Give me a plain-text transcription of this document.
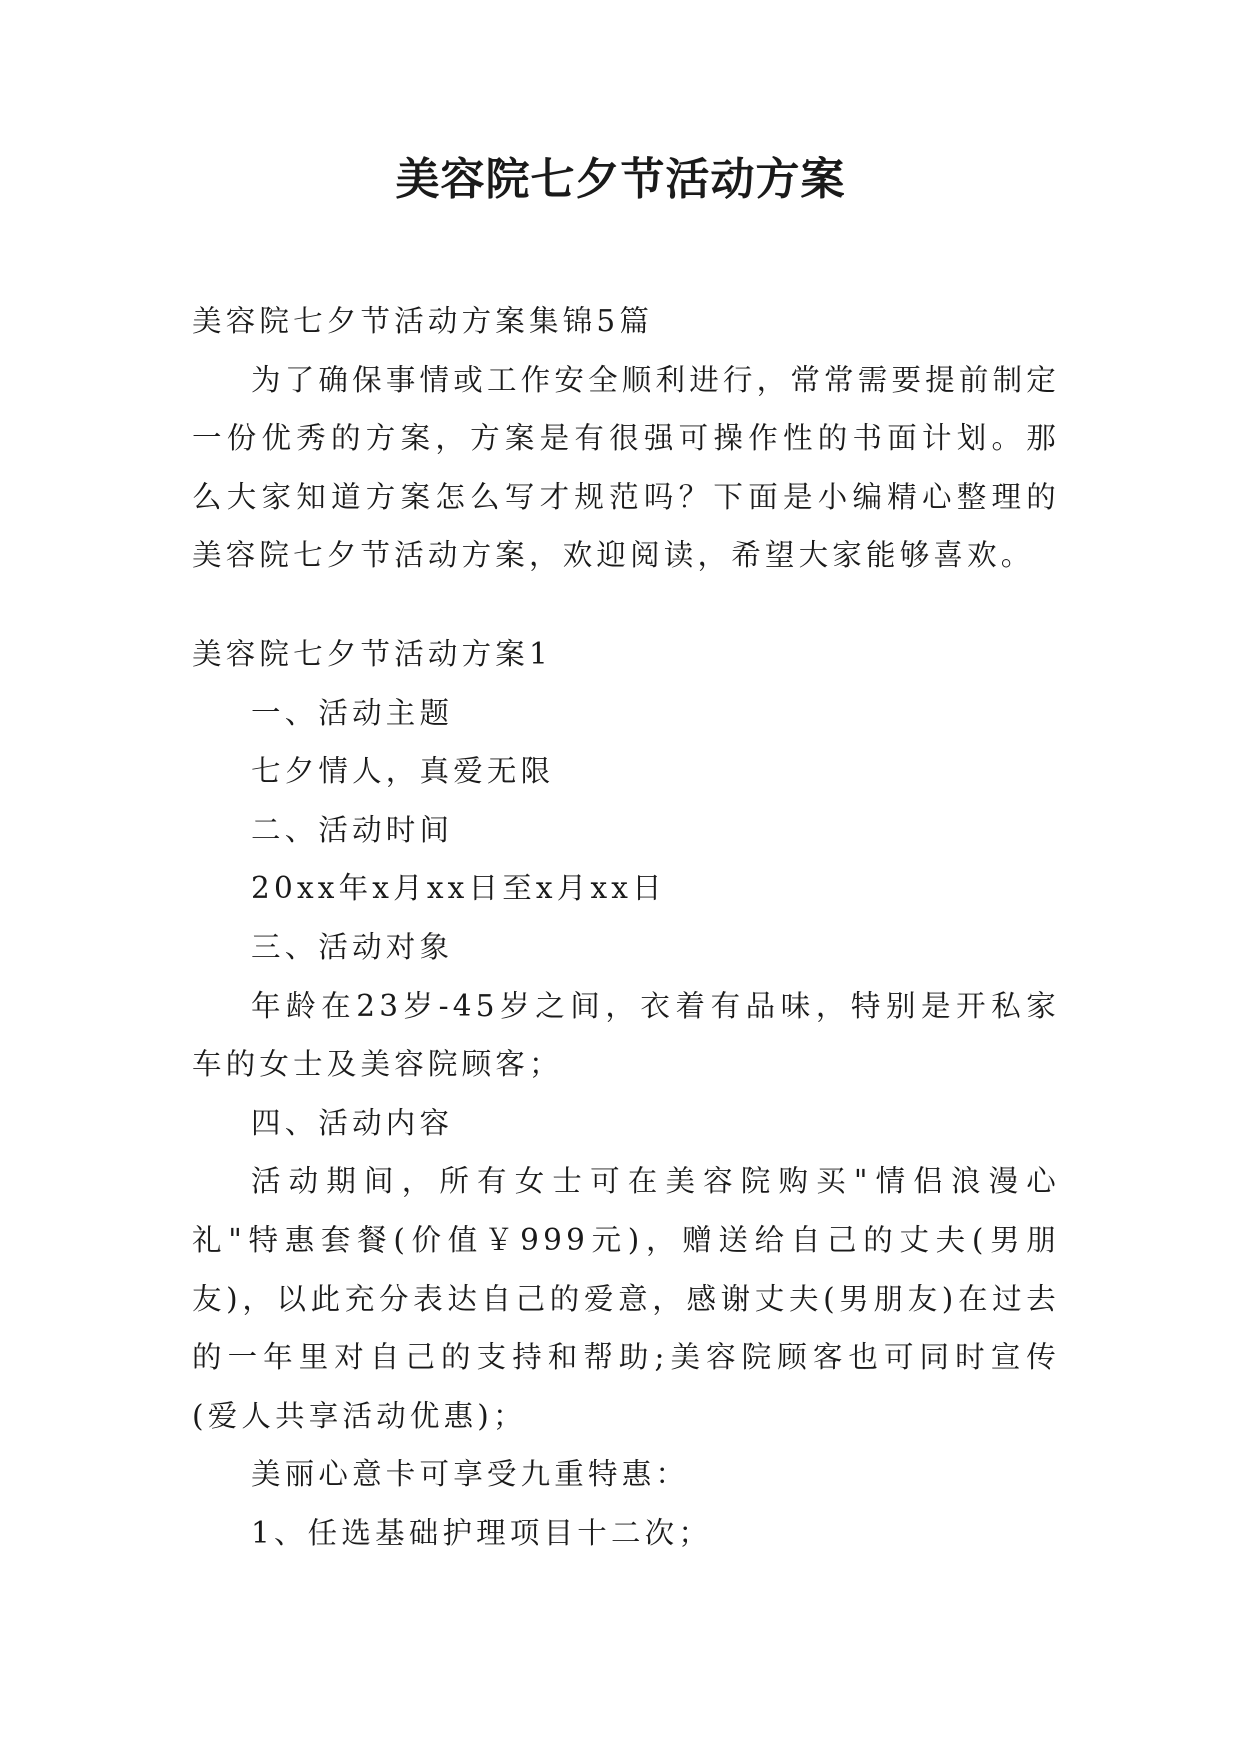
美容院七夕节活动方案

美容院七夕节活动方案集锦5篇

为了确保事情或工作安全顺利进行，常常需要提前制定一份优秀的方案，方案是有很强可操作性的书面计划。那么大家知道方案怎么写才规范吗？下面是小编精心整理的美容院七夕节活动方案，欢迎阅读，希望大家能够喜欢。

美容院七夕节活动方案1

一、活动主题

七夕情人，真爱无限

二、活动时间

20xx年x月xx日至x月xx日

三、活动对象

年龄在23岁-45岁之间，衣着有品味，特别是开私家车的女士及美容院顾客；

四、活动内容

活动期间，所有女士可在美容院购买"情侣浪漫心礼"特惠套餐(价值￥999元)，赠送给自己的丈夫(男朋友)，以此充分表达自己的爱意，感谢丈夫(男朋友)在过去的一年里对自己的支持和帮助;美容院顾客也可同时宣传(爱人共享活动优惠)；

美丽心意卡可享受九重特惠：

1、任选基础护理项目十二次；
